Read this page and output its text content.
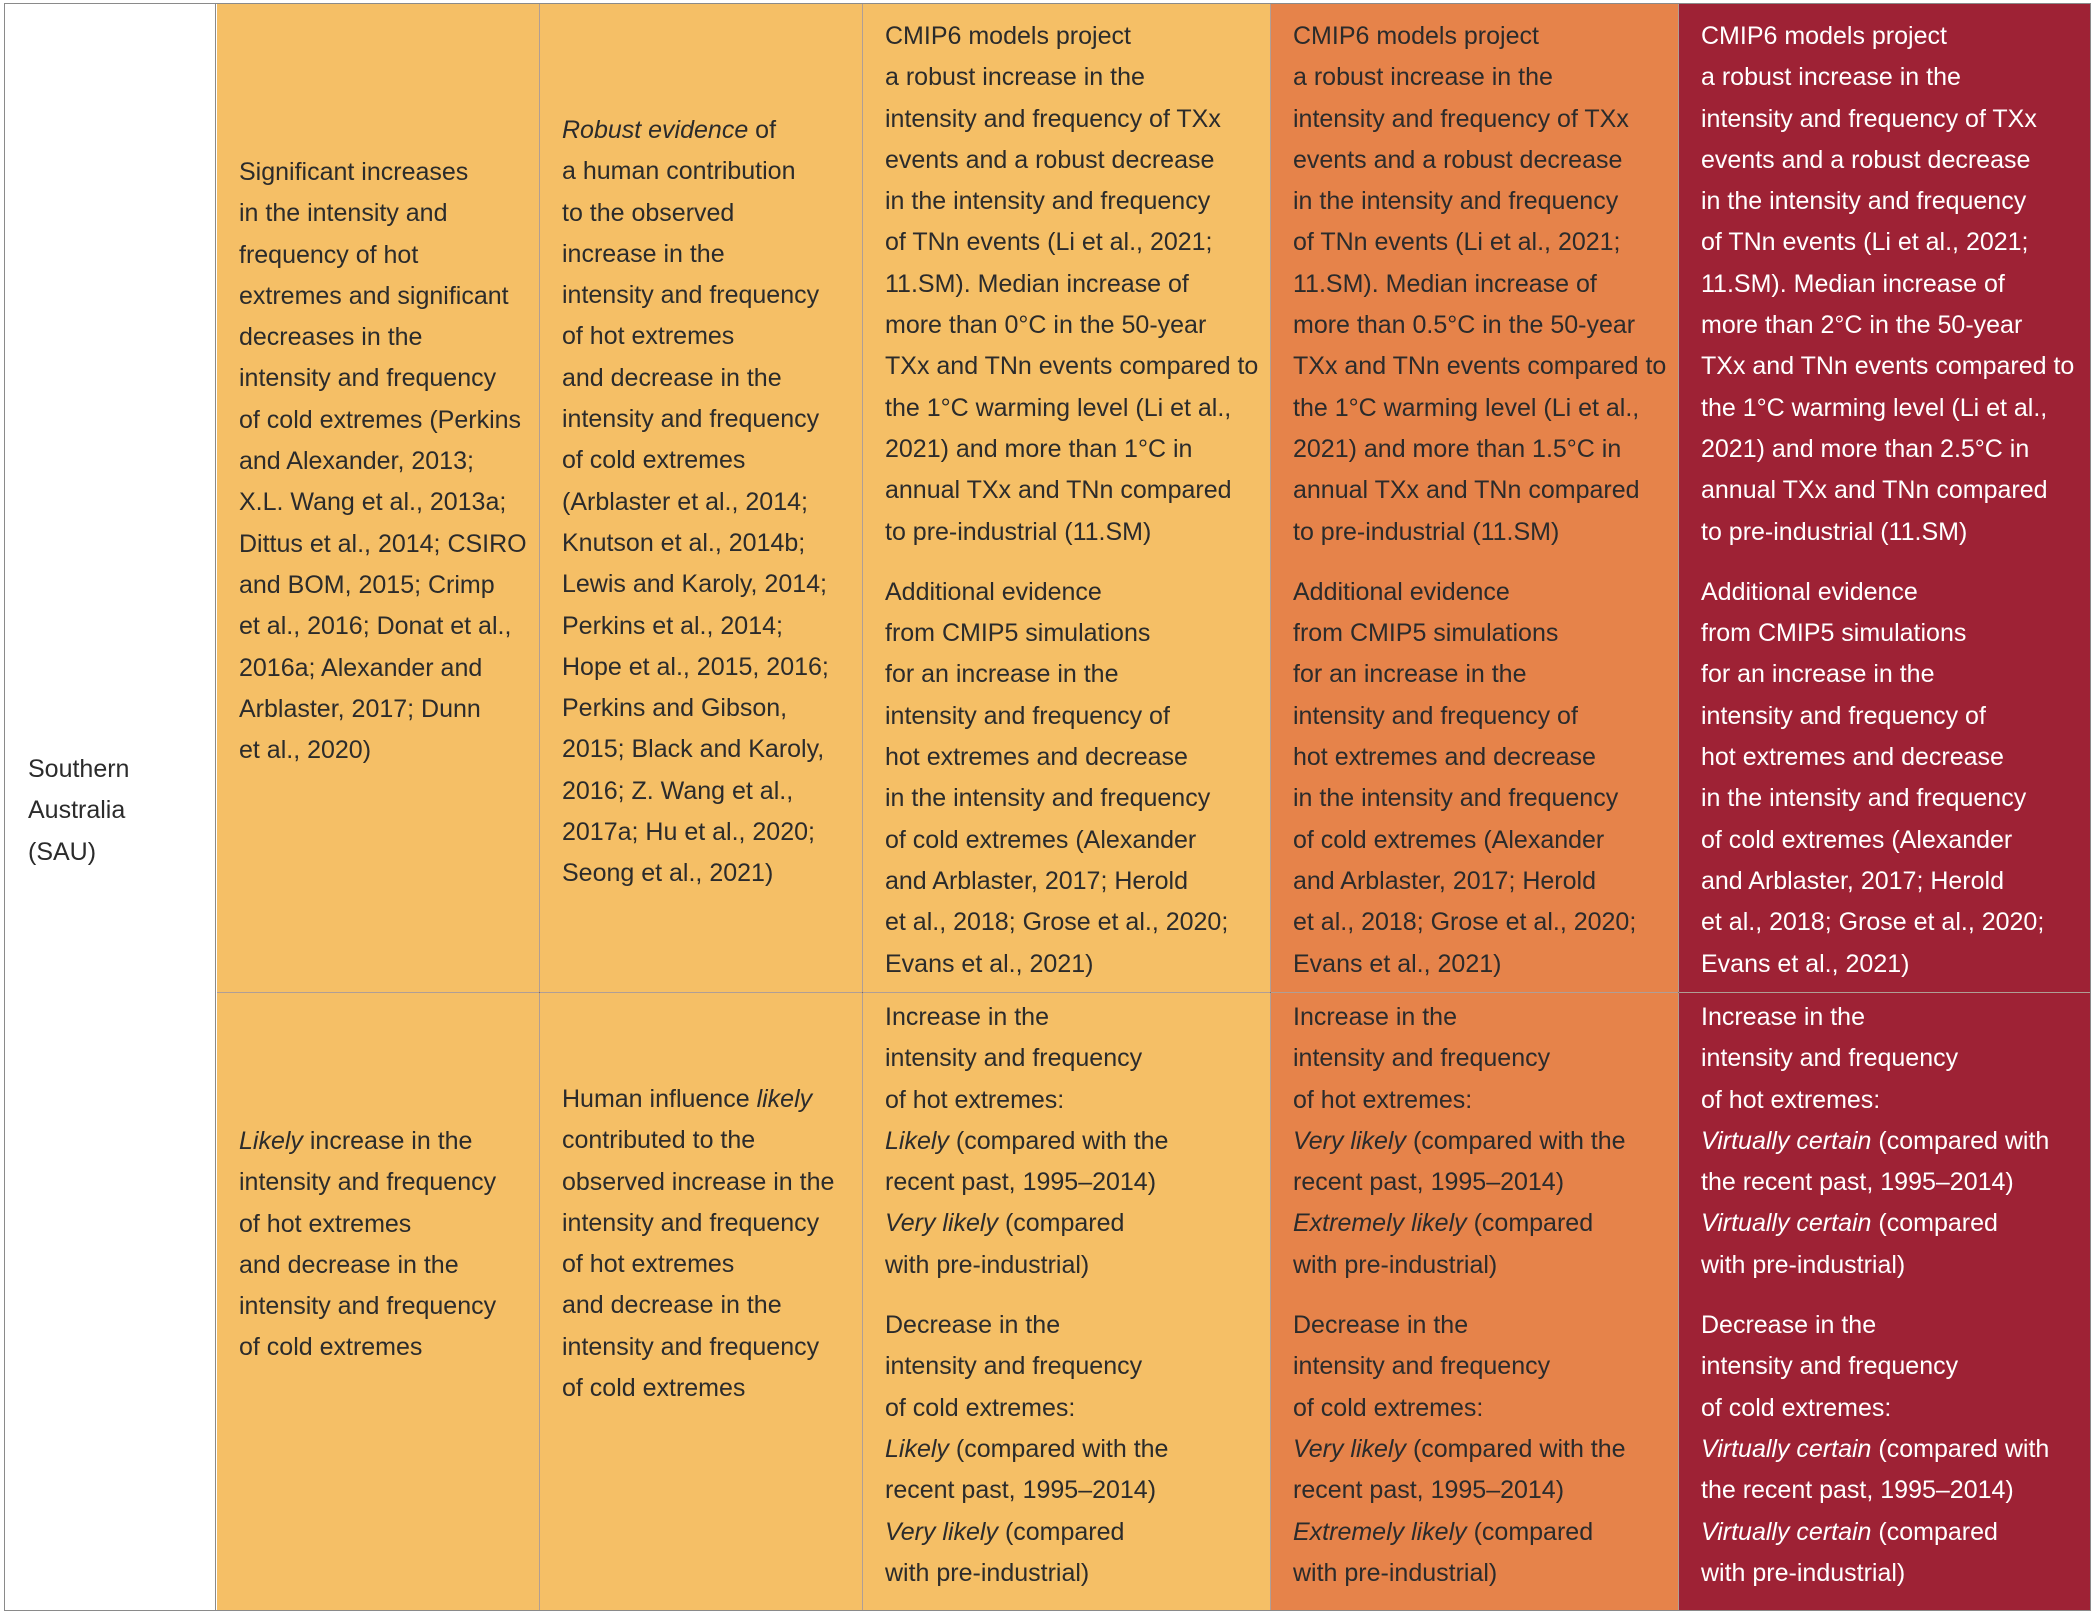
Southern
Australia
(SAU)
Significant increases
in the intensity and
frequency of hot
extremes and significant
decreases in the
intensity and frequency
of cold extremes (Perkins
and Alexander, 2013;
X.L. Wang et al., 2013a;
Dittus et al., 2014; CSIRO
and BOM, 2015; Crimp
et al., 2016; Donat et al.,
2016a; Alexander and
Arblaster, 2017; Dunn
et al., 2020)
Robust evidence of
a human contribution
to the observed
increase in the
intensity and frequency
of hot extremes
and decrease in the
intensity and frequency
of cold extremes
(Arblaster et al., 2014;
Knutson et al., 2014b;
Lewis and Karoly, 2014;
Perkins et al., 2014;
Hope et al., 2015, 2016;
Perkins and Gibson,
2015; Black and Karoly,
2016; Z. Wang et al.,
2017a; Hu et al., 2020;
Seong et al., 2021)
CMIP6 models project
a robust increase in the
intensity and frequency of TXx
events and a robust decrease
in the intensity and frequency
of TNn events (Li et al., 2021;
11.SM). Median increase of
more than 0°C in the 50-year
TXx and TNn events compared to
the 1°C warming level (Li et al.,
2021) and more than 1°C in
annual TXx and TNn compared
to pre-industrial (11.SM)
Additional evidence
from CMIP5 simulations
for an increase in the
intensity and frequency of
hot extremes and decrease
in the intensity and frequency
of cold extremes (Alexander
and Arblaster, 2017; Herold
et al., 2018; Grose et al., 2020;
Evans et al., 2021)
CMIP6 models project
a robust increase in the
intensity and frequency of TXx
events and a robust decrease
in the intensity and frequency
of TNn events (Li et al., 2021;
11.SM). Median increase of
more than 0.5°C in the 50-year
TXx and TNn events compared to
the 1°C warming level (Li et al.,
2021) and more than 1.5°C in
annual TXx and TNn compared
to pre-industrial (11.SM)
Additional evidence
from CMIP5 simulations
for an increase in the
intensity and frequency of
hot extremes and decrease
in the intensity and frequency
of cold extremes (Alexander
and Arblaster, 2017; Herold
et al., 2018; Grose et al., 2020;
Evans et al., 2021)
CMIP6 models project
a robust increase in the
intensity and frequency of TXx
events and a robust decrease
in the intensity and frequency
of TNn events (Li et al., 2021;
11.SM). Median increase of
more than 2°C in the 50-year
TXx and TNn events compared to
the 1°C warming level (Li et al.,
2021) and more than 2.5°C in
annual TXx and TNn compared
to pre-industrial (11.SM)
Additional evidence
from CMIP5 simulations
for an increase in the
intensity and frequency of
hot extremes and decrease
in the intensity and frequency
of cold extremes (Alexander
and Arblaster, 2017; Herold
et al., 2018; Grose et al., 2020;
Evans et al., 2021)
Likely increase in the
intensity and frequency
of hot extremes
and decrease in the
intensity and frequency
of cold extremes
Human influence likely
contributed to the
observed increase in the
intensity and frequency
of hot extremes
and decrease in the
intensity and frequency
of cold extremes
Increase in the
intensity and frequency
of hot extremes:
Likely (compared with the
recent past, 1995–2014)
Very likely (compared
with pre-industrial)
Decrease in the
intensity and frequency
of cold extremes:
Likely (compared with the
recent past, 1995–2014)
Very likely (compared
with pre-industrial)
Increase in the
intensity and frequency
of hot extremes:
Very likely (compared with the
recent past, 1995–2014)
Extremely likely (compared
with pre-industrial)
Decrease in the
intensity and frequency
of cold extremes:
Very likely (compared with the
recent past, 1995–2014)
Extremely likely (compared
with pre-industrial)
Increase in the
intensity and frequency
of hot extremes:
Virtually certain (compared with
the recent past, 1995–2014)
Virtually certain (compared
with pre-industrial)
Decrease in the
intensity and frequency
of cold extremes:
Virtually certain (compared with
the recent past, 1995–2014)
Virtually certain (compared
with pre-industrial)
